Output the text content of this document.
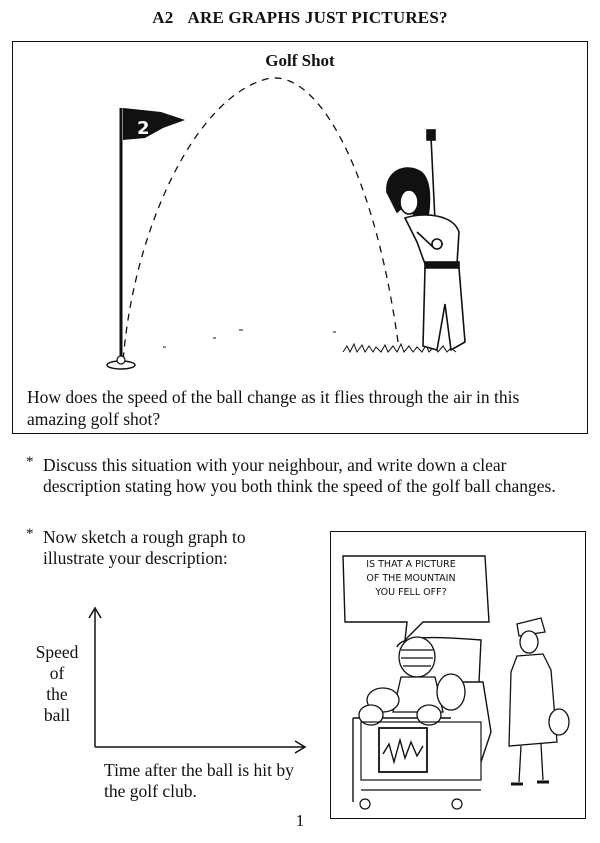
A2 ARE GRAPHS JUST PICTURES?
Golf Shot
2
How does the speed of the ball change as it flies through the air in this amazing golf shot?
* Discuss this situation with your neighbour, and write down a clear description stating how you both think the speed of the golf ball changes.
* Now sketch a rough graph to illustrate your description:
Speed
of
the
ball
Time after the ball is hit by the golf club.
IS THAT A PICTURE
OF THE MOUNTAIN
YOU FELL OFF?
1
